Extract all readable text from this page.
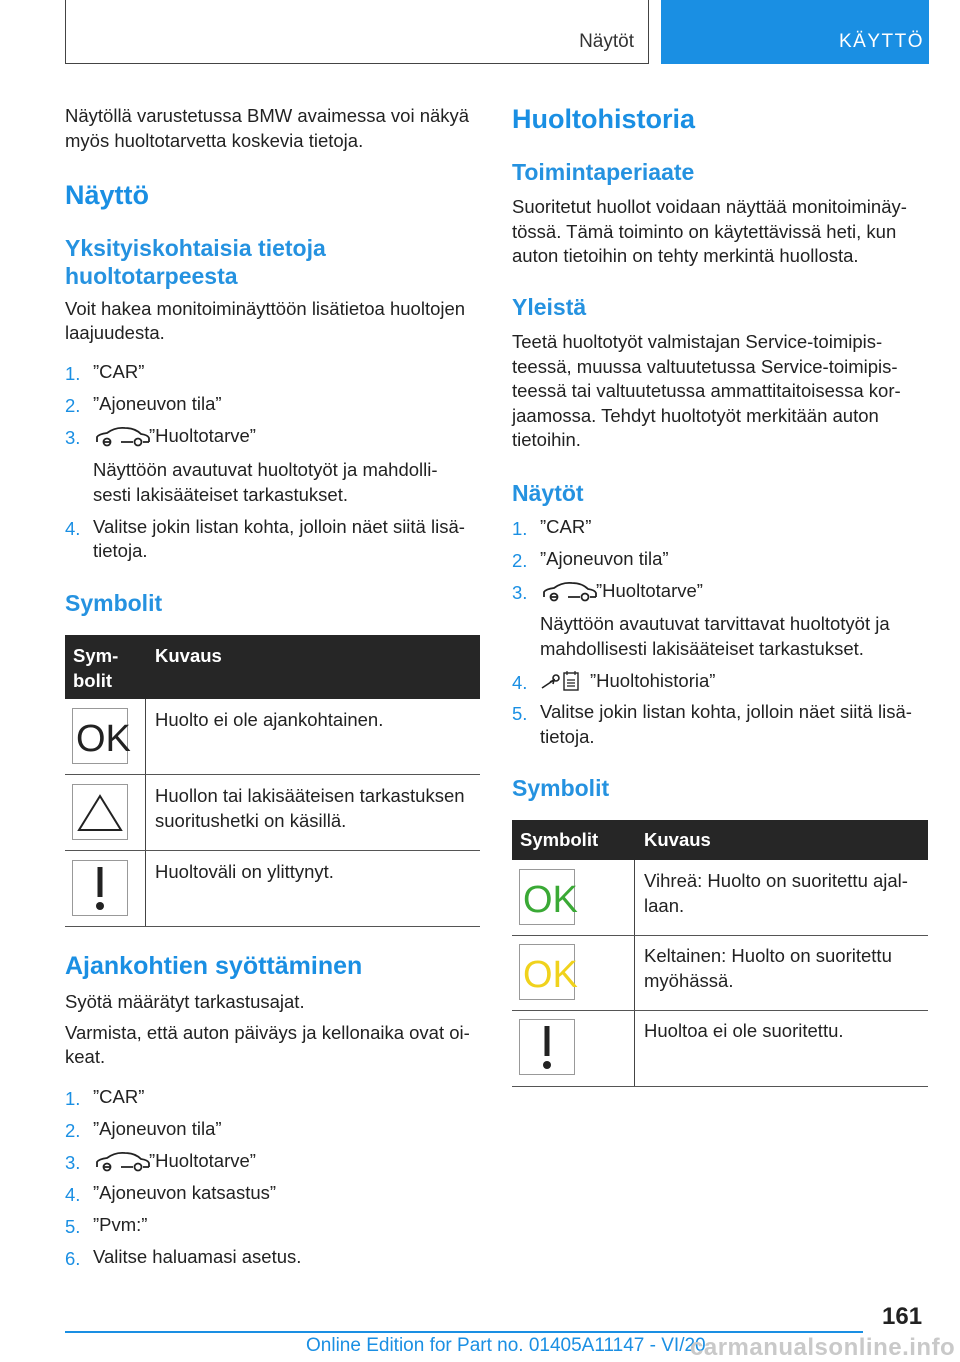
Näytöt	KÄYTTÖ
Näytöllä varustetussa BMW avaimessa voi näkyä
myös huoltotarvetta koskevia tietoja.
Näyttö
Yksityiskohtaisia tietoja
huoltotarpeesta
Voit hakea monitoiminäyttöön lisätietoa huoltojen
laajuudesta.
1. ”CAR”
2. ”Ajoneuvon tila”
3.	”Huoltotarve”
Näyttöön avautuvat huoltotyöt ja mahdolli-
sesti lakisääteiset tarkastukset.
4. Valitse jokin listan kohta, jolloin näet siitä lisä-
tietoja.
Symbolit
Sym-
bolit
Kuvaus
OK Huolto ei ole ajankohtainen.
Huollon tai lakisääteisen tarkastuksen
suoritushetki on käsillä.
Huoltoväli on ylittynyt.
Ajankohtien syöttäminen
Syötä määrätyt tarkastusajat.
Varmista, että auton päiväys ja kellonaika ovat oi-
keat.
1. ”CAR”
2. ”Ajoneuvon tila”
3.	”Huoltotarve”
4. ”Ajoneuvon katsastus”
5. ”Pvm:”
6. Valitse haluamasi asetus.
Huoltohistoria
Toimintaperiaate
Suoritetut huollot voidaan näyttää monitoiminäy-
tössä. Tämä toiminto on käytettävissä heti, kun
auton tietoihin on tehty merkintä huollosta.
Yleistä
Teetä huoltotyöt valmistajan Service-toimipis-
teessä, muussa valtuutetussa Service-toimipis-
teessä tai valtuutetussa ammattitaitoisessa kor-
jaamossa. Tehdyt huoltotyöt merkitään auton
tietoihin.
Näytöt
1. ”CAR”
2. ”Ajoneuvon tila”
3.	”Huoltotarve”
Näyttöön avautuvat tarvittavat huoltotyöt ja
mahdollisesti lakisääteiset tarkastukset.
4.	”Huoltohistoria”
5. Valitse jokin listan kohta, jolloin näet siitä lisä-
tietoja.
Symbolit
Symbolit Kuvaus
OK	Vihreä: Huolto on suoritettu ajal-
laan.
OK	Keltainen: Huolto on suoritettu
myöhässä.
Huoltoa ei ole suoritettu.
161
Online Edition for Part no. 01405A11147 - VI/20
carmanualsonline.info
